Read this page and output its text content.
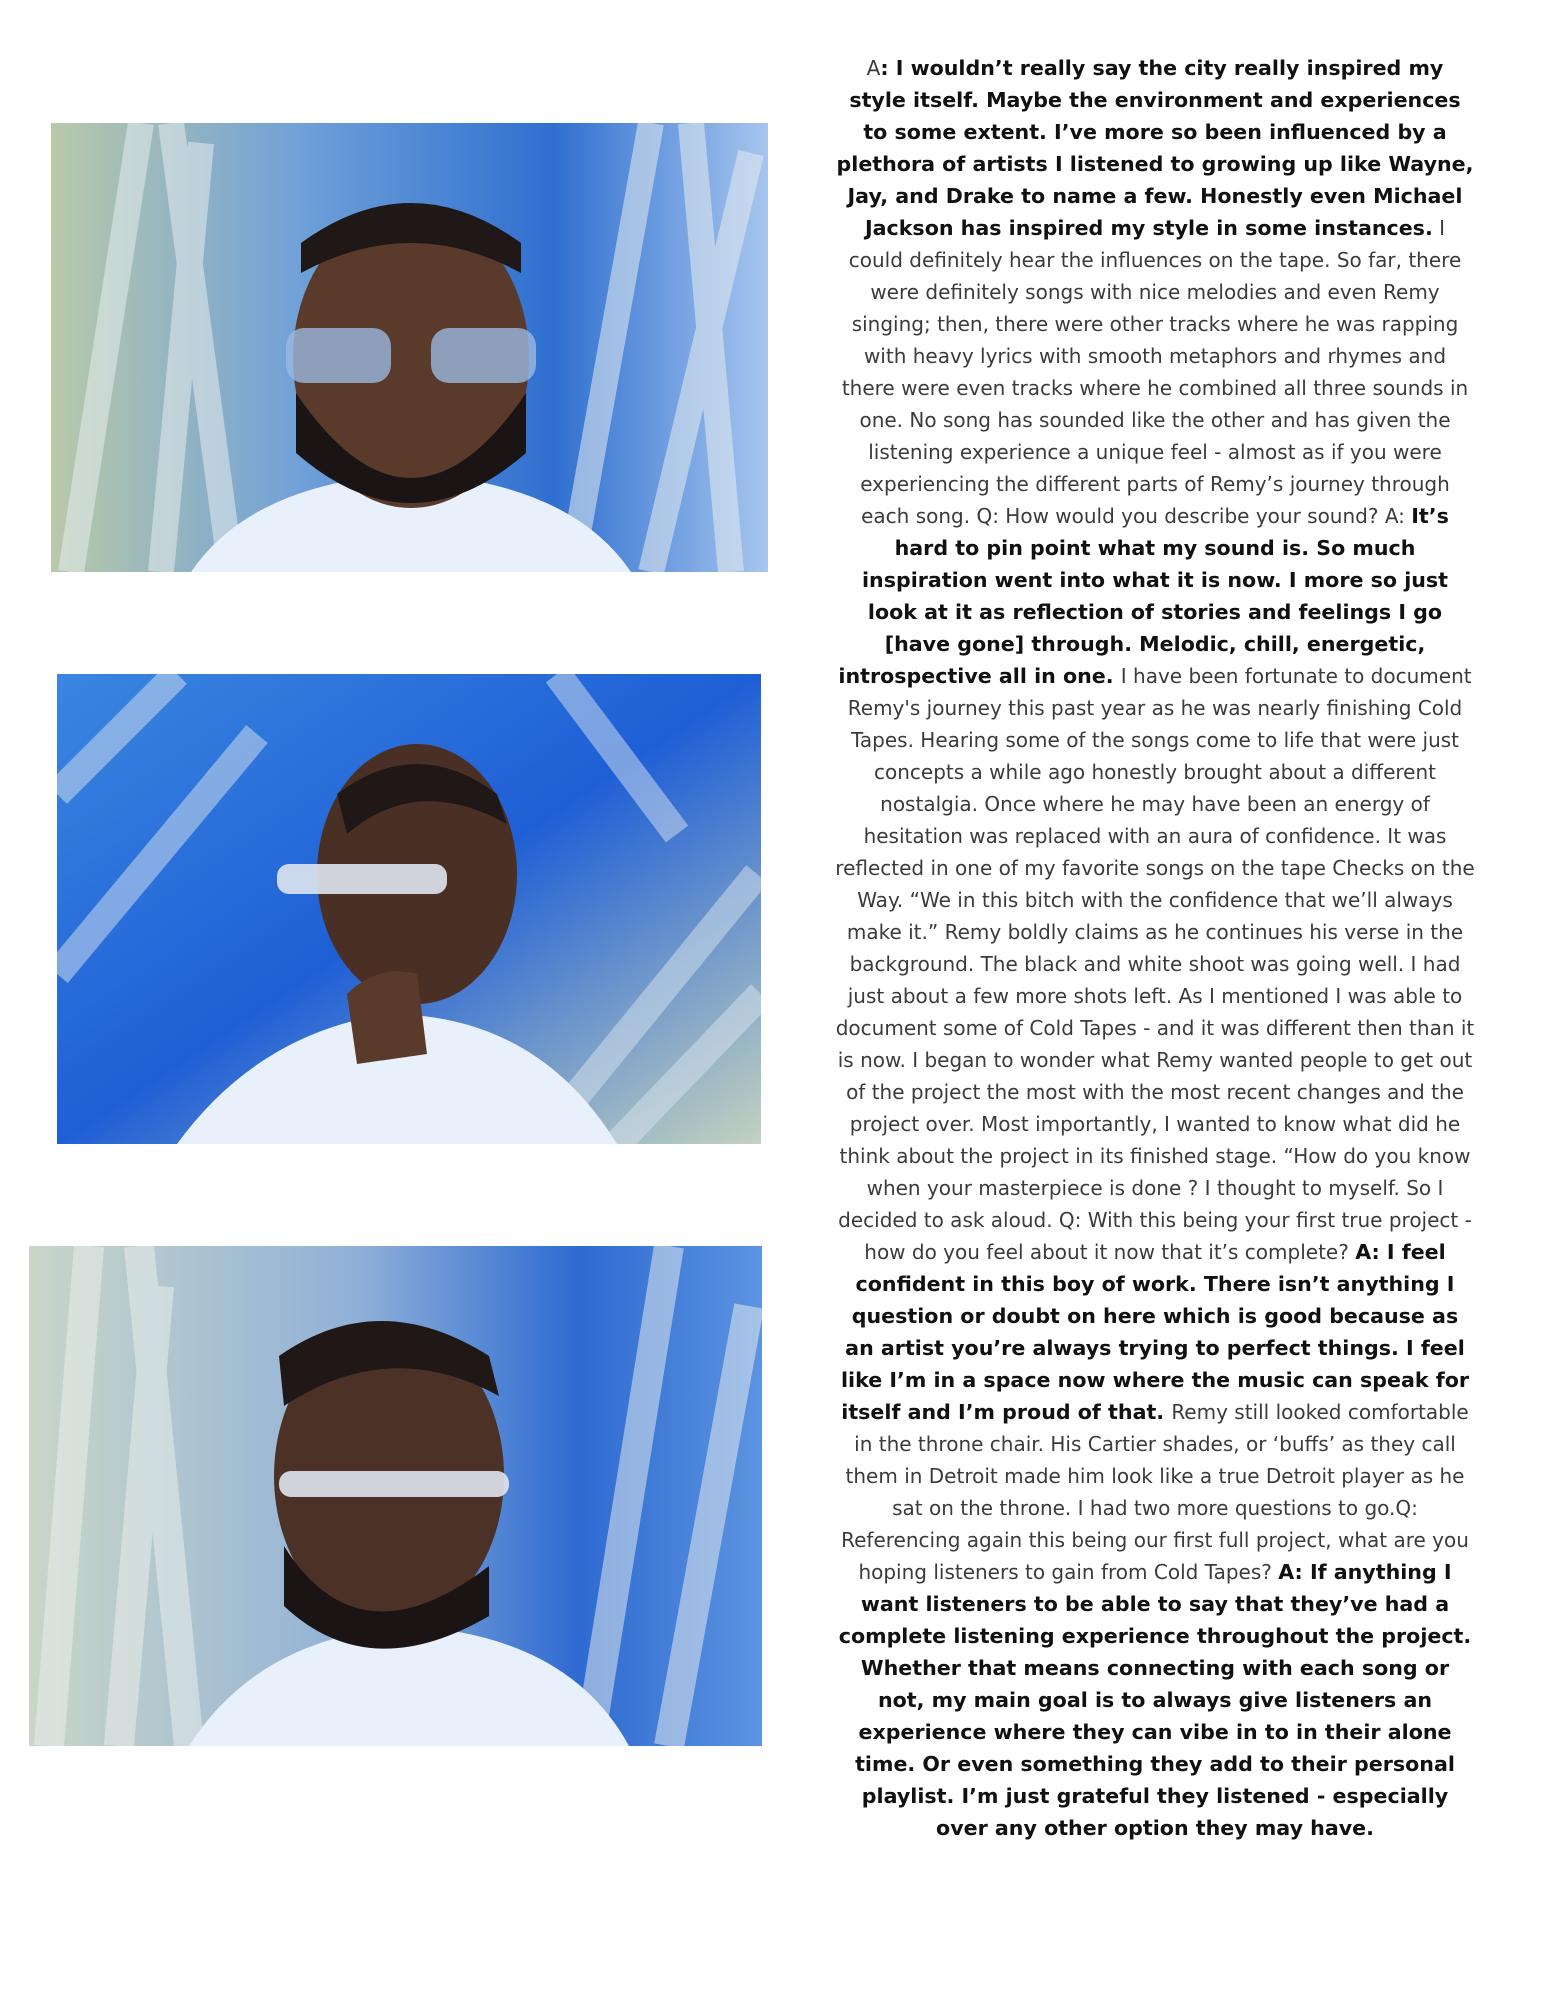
A: I wouldn’t really say the city really inspired my style itself. Maybe the environment and experiences to some extent. I’ve more so been influenced by a plethora of artists I listened to growing up like Wayne, Jay, and Drake to name a few. Honestly even Michael Jackson has inspired my style in some instances. I could definitely hear the influences on the tape. So far, there were definitely songs with nice melodies and even Remy singing; then, there were other tracks where he was rapping with heavy lyrics with smooth metaphors and rhymes and there were even tracks where he combined all three sounds in one. No song has sounded like the other and has given the listening experience a unique feel - almost as if you were experiencing the different parts of Remy’s journey through each song. Q: How would you describe your sound? A: It’s hard to pin point what my sound is. So much inspiration went into what it is now. I more so just look at it as reflection of stories and feelings I go [have gone] through. Melodic, chill, energetic, introspective all in one. I have been fortunate to document Remy's journey this past year as he was nearly finishing Cold Tapes. Hearing some of the songs come to life that were just concepts a while ago honestly brought about a different nostalgia. Once where he may have been an energy of hesitation was replaced with an aura of confidence. It was reflected in one of my favorite songs on the tape Checks on the Way. “We in this bitch with the confidence that we’ll always make it.” Remy boldly claims as he continues his verse in the background. The black and white shoot was going well. I had just about a few more shots left. As I mentioned I was able to document some of Cold Tapes - and it was different then than it is now. I began to wonder what Remy wanted people to get out of the project the most with the most recent changes and the project over. Most importantly, I wanted to know what did he think about the project in its finished stage. “How do you know when your masterpiece is done ? I thought to myself. So I decided to ask aloud. Q: With this being your first true project - how do you feel about it now that it’s complete? A: I feel confident in this boy of work. There isn’t anything I question or doubt on here which is good because as an artist you’re always trying to perfect things. I feel like I’m in a space now where the music can speak for itself and I’m proud of that. Remy still looked comfortable in the throne chair. His Cartier shades, or ‘buffs’ as they call them in Detroit made him look like a true Detroit player as he sat on the throne. I had two more questions to go.Q: Referencing again this being our first full project, what are you hoping listeners to gain from Cold Tapes? A: If anything I want listeners to be able to say that they’ve had a complete listening experience throughout the project. Whether that means connecting with each song or not, my main goal is to always give listeners an experience where they can vibe in to in their alone time. Or even something they add to their personal playlist. I’m just grateful they listened - especially over any other option they may have.
